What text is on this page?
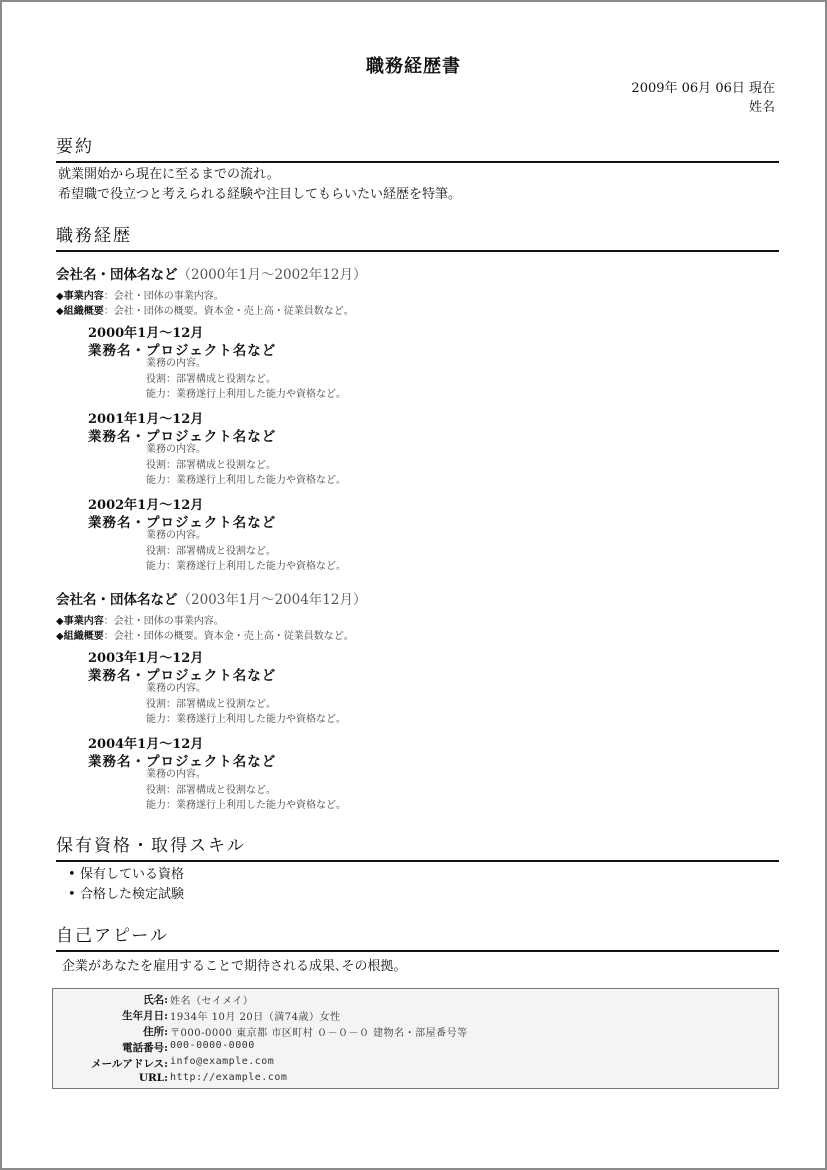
職務経歴書
2009年 06月 06日 現在
姓名
要約
就業開始から現在に至るまでの流れ。
希望職で役立つと考えられる経験や注目してもらいたい経歴を特筆。
職務経歴
会社名・団体名など（2000年1月～2002年12月）
◆事業内容：会社・団体の事業内容。
◆組織概要：会社・団体の概要。資本金・売上高・従業員数など。
2000年1月～12月
業務名・プロジェクト名など
業務の内容。
役割：部署構成と役割など。
能力：業務遂行上利用した能力や資格など。
2001年1月～12月
業務名・プロジェクト名など
業務の内容。
役割：部署構成と役割など。
能力：業務遂行上利用した能力や資格など。
2002年1月～12月
業務名・プロジェクト名など
業務の内容。
役割：部署構成と役割など。
能力：業務遂行上利用した能力や資格など。
会社名・団体名など（2003年1月～2004年12月）
◆事業内容：会社・団体の事業内容。
◆組織概要：会社・団体の概要。資本金・売上高・従業員数など。
2003年1月～12月
業務名・プロジェクト名など
業務の内容。
役割：部署構成と役割など。
能力：業務遂行上利用した能力や資格など。
2004年1月～12月
業務名・プロジェクト名など
業務の内容。
役割：部署構成と役割など。
能力：業務遂行上利用した能力や資格など。
保有資格・取得スキル
• 保有している資格
• 合格した検定試験
自己アピール
企業があなたを雇用することで期待される成果､その根拠。
氏名: 姓名（セイメイ）
生年月日: 1934年 10月 20日（満74歳）女性
住所: 〒000-0000 東京都 市区町村 ０－０－０ 建物名・部屋番号等
電話番号: 000-0000-0000
メールアドレス: info@example.com
URL: http://example.com
